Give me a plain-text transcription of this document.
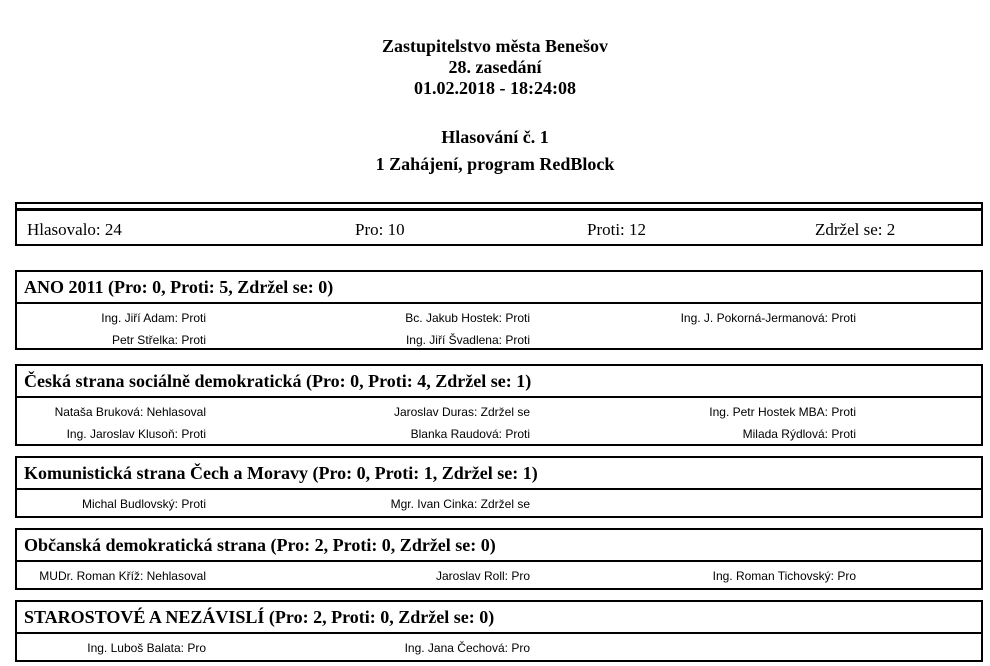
Zastupitelstvo města Benešov
28. zasedání
01.02.2018 - 18:24:08
Hlasování č. 1
1 Zahájení, program RedBlock
Hlasovalo: 24	Pro: 10	Proti: 12	Zdržel se: 2
ANO 2011 (Pro: 0, Proti: 5, Zdržel se: 0)
Ing. Jiří Adam: Proti	Bc. Jakub Hostek: Proti	Ing. J. Pokorná-Jermanová: Proti
Petr Střelka: Proti	Ing. Jiří Švadlena: Proti
Česká strana sociálně demokratická (Pro: 0, Proti: 4, Zdržel se: 1)
Nataša Bruková: Nehlasoval	Jaroslav Duras: Zdržel se	Ing. Petr Hostek MBA: Proti
Ing. Jaroslav Klusoň: Proti	Blanka Raudová: Proti	Milada Rýdlová: Proti
Komunistická strana Čech a Moravy (Pro: 0, Proti: 1, Zdržel se: 1)
Michal Budlovský: Proti	Mgr. Ivan Cinka: Zdržel se
Občanská demokratická strana (Pro: 2, Proti: 0, Zdržel se: 0)
MUDr. Roman Kříž: Nehlasoval	Jaroslav Roll: Pro	Ing. Roman Tichovský: Pro
STAROSTOVÉ A NEZÁVISLÍ (Pro: 2, Proti: 0, Zdržel se: 0)
Ing. Luboš Balata: Pro	Ing. Jana Čechová: Pro
